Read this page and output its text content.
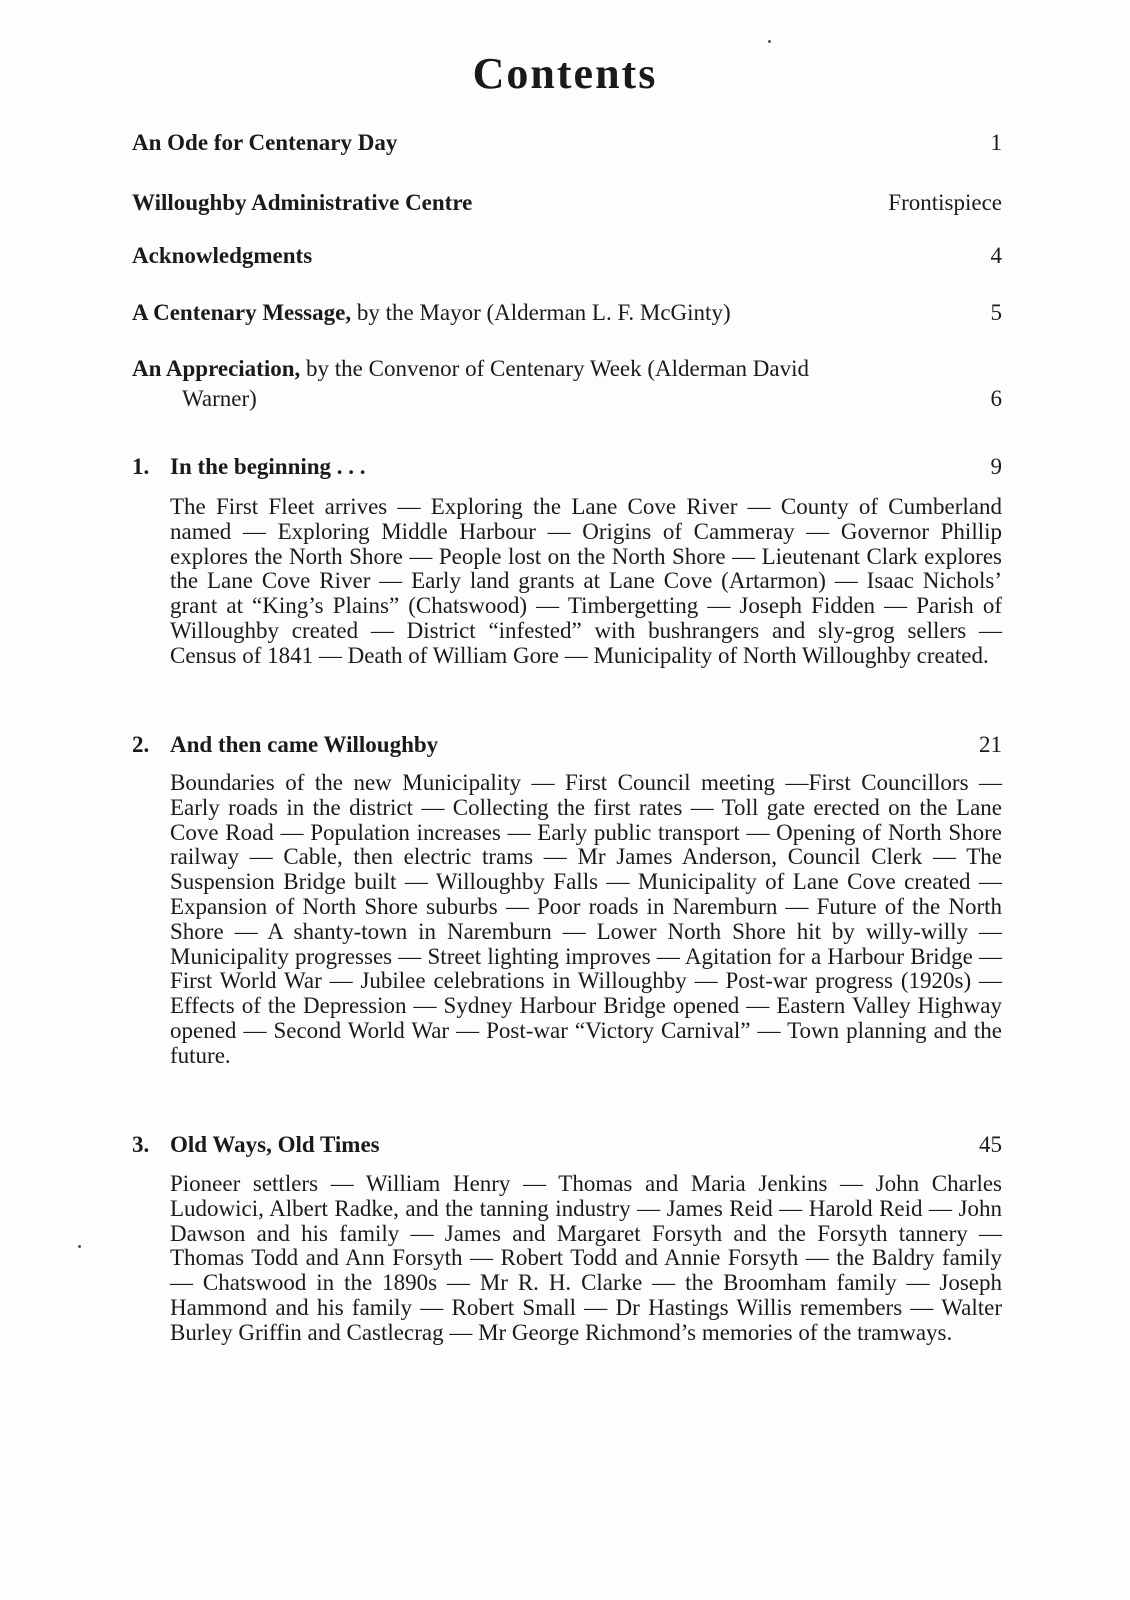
Contents
An Ode for Centenary Day	1
Willoughby Administrative Centre	Frontispiece
Acknowledgments	4
A Centenary Message, by the Mayor (Alderman L. F. McGinty)	5
An Appreciation, by the Convenor of Centenary Week (Alderman David
Warner)	6
1. In the beginning . . .	9
The First Fleet arrives — Exploring the Lane Cove River — County of Cumberland named — Exploring Middle Harbour — Origins of Cammeray — Governor Phillip explores the North Shore — People lost on the North Shore — Lieutenant Clark explores the Lane Cove River — Early land grants at Lane Cove (Artarmon) — Isaac Nichols’ grant at “King’s Plains” (Chatswood) — Timbergetting — Joseph Fidden — Parish of Willoughby created — District “infested” with bushrangers and sly-grog sellers — Census of 1841 — Death of William Gore — Municipality of North Willoughby created.
2. And then came Willoughby	21
Boundaries of the new Municipality — First Council meeting —First Councillors — Early roads in the district — Collecting the first rates — Toll gate erected on the Lane Cove Road — Population increases — Early public transport — Opening of North Shore railway — Cable, then electric trams — Mr James Anderson, Council Clerk — The Suspension Bridge built — Willoughby Falls — Municipality of Lane Cove created — Expansion of North Shore suburbs — Poor roads in Naremburn — Future of the North Shore — A shanty-town in Naremburn — Lower North Shore hit by willy-willy — Municipality progresses — Street lighting improves — Agitation for a Harbour Bridge — First World War — Jubilee celebrations in Willoughby — Post-war progress (1920s) — Effects of the Depression — Sydney Harbour Bridge opened — Eastern Valley Highway opened — Second World War — Post-war “Victory Carnival” — Town planning and the future.
3. Old Ways, Old Times	45
Pioneer settlers — William Henry — Thomas and Maria Jenkins — John Charles Ludowici, Albert Radke, and the tanning industry — James Reid — Harold Reid — John Dawson and his family — James and Margaret Forsyth and the Forsyth tannery — Thomas Todd and Ann Forsyth — Robert Todd and Annie Forsyth — the Baldry family — Chatswood in the 1890s — Mr R. H. Clarke — the Broomham family — Joseph Hammond and his family — Robert Small — Dr Hastings Willis remembers — Walter Burley Griffin and Castlecrag — Mr George Richmond’s memories of the tramways.
